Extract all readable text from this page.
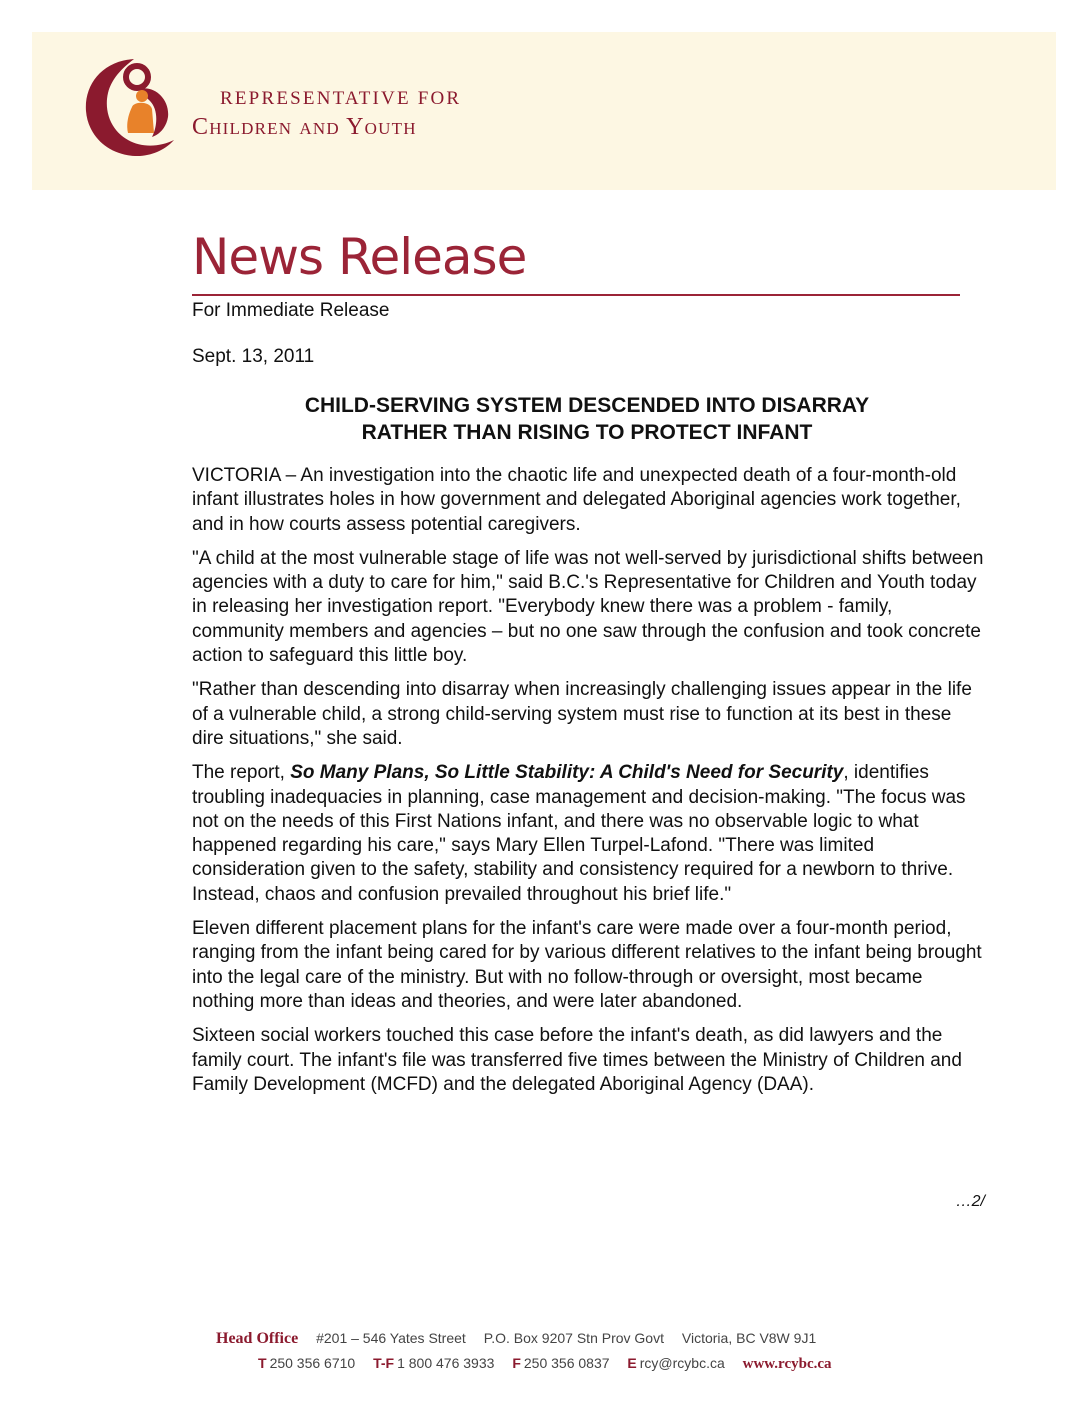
REPRESENTATIVE FOR
Children and Youth
News Release
For Immediate Release
Sept. 13, 2011
CHILD-SERVING SYSTEM DESCENDED INTO DISARRAY
RATHER THAN RISING TO PROTECT INFANT

VICTORIA – An investigation into the chaotic life and unexpected death of a four-month-old infant illustrates holes in how government and delegated Aboriginal agencies work together, and in how courts assess potential caregivers.

"A child at the most vulnerable stage of life was not well-served by jurisdictional shifts between agencies with a duty to care for him," said B.C.'s Representative for Children and Youth today in releasing her investigation report. "Everybody knew there was a problem - family, community members and agencies – but no one saw through the confusion and took concrete action to safeguard this little boy.

"Rather than descending into disarray when increasingly challenging issues appear in the life of a vulnerable child, a strong child-serving system must rise to function at its best in these dire situations," she said.

The report, So Many Plans, So Little Stability: A Child's Need for Security, identifies troubling inadequacies in planning, case management and decision-making. "The focus was not on the needs of this First Nations infant, and there was no observable logic to what happened regarding his care," says Mary Ellen Turpel-Lafond. "There was limited consideration given to the safety, stability and consistency required for a newborn to thrive. Instead, chaos and confusion prevailed throughout his brief life."

Eleven different placement plans for the infant's care were made over a four-month period, ranging from the infant being cared for by various different relatives to the infant being brought into the legal care of the ministry. But with no follow-through or oversight, most became nothing more than ideas and theories, and were later abandoned.

Sixteen social workers touched this case before the infant's death, as did lawyers and the family court. The infant's file was transferred five times between the Ministry of Children and Family Development (MCFD) and the delegated Aboriginal Agency (DAA).

…2/
Head Office #201 – 546 Yates Street P.O. Box 9207 Stn Prov Govt Victoria, BC V8W 9J1
T 250 356 6710 T-F 1 800 476 3933 F 250 356 0837 E rcy@rcybc.ca www.rcybc.ca
